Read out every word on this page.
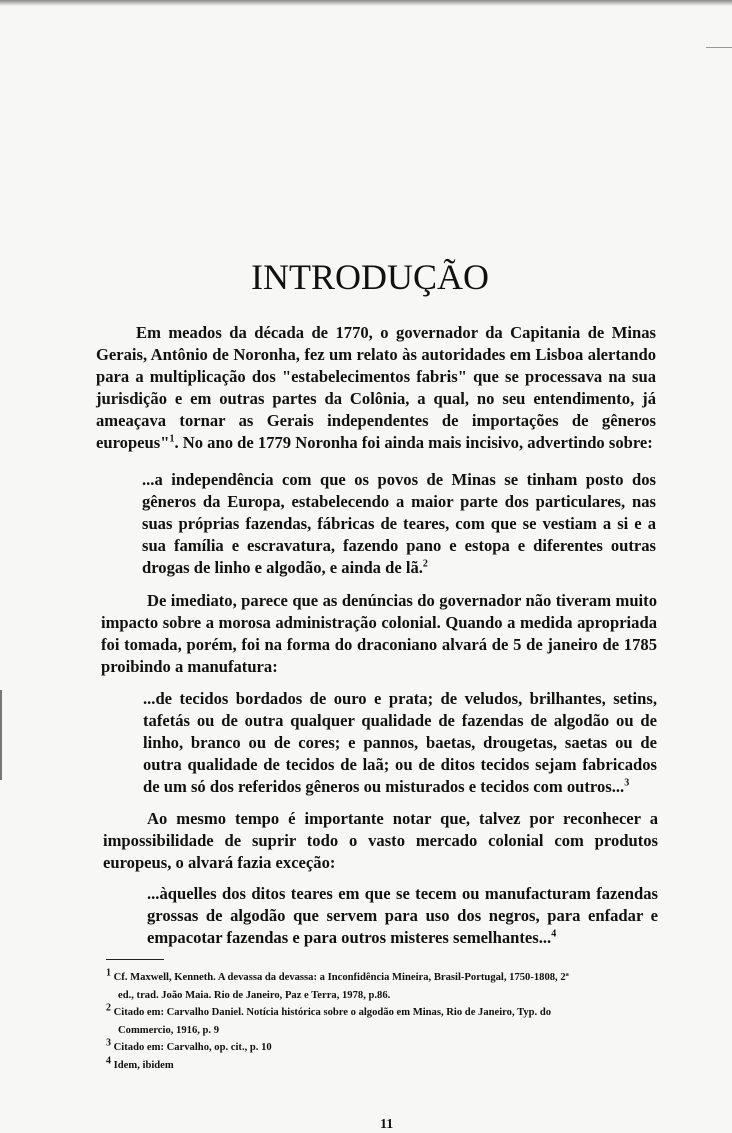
INTRODUÇÃO
Em meados da década de 1770, o governador da Capitania de Minas Gerais, Antônio de Noronha, fez um relato às autoridades em Lisboa alertando para a multiplicação dos "estabelecimentos fabris" que se processava na sua jurisdição e em outras partes da Colônia, a qual, no seu entendimento, já ameaçava tornar as Gerais independentes de importações de gêneros europeus"$^1$. No ano de 1779 Noronha foi ainda mais incisivo, advertindo sobre:
...a independência com que os povos de Minas se tinham posto dos gêneros da Europa, estabelecendo a maior parte dos particulares, nas suas próprias fazendas, fábricas de teares, com que se vestiam a si e a sua família e escravatura, fazendo pano e estopa e diferentes outras drogas de linho e algodão, e ainda de lã.$^2$
De imediato, parece que as denúncias do governador não tiveram muito impacto sobre a morosa administração colonial. Quando a medida apropriada foi tomada, porém, foi na forma do draconiano alvará de 5 de janeiro de 1785 proibindo a manufatura:
...de tecidos bordados de ouro e prata; de veludos, brilhantes, setins, tafetás ou de outra qualquer qualidade de fazendas de algodão ou de linho, branco ou de cores; e pannos, baetas, drougetas, saetas ou de outra qualidade de tecidos de laã; ou de ditos tecidos sejam fabricados de um só dos referidos gêneros ou misturados e tecidos com outros...$^3$
Ao mesmo tempo é importante notar que, talvez por reconhecer a impossibilidade de suprir todo o vasto mercado colonial com produtos europeus, o alvará fazia exceção:
...àquelles dos ditos teares em que se tecem ou manufacturam fazendas grossas de algodão que servem para uso dos negros, para enfadar e empacotar fazendas e para outros misteres semelhantes...$^4$

$^1$ Cf. Maxwell, Kenneth. A devassa da devassa: a Inconfidência Mineira, Brasil-Portugal, 1750-1808, 2ª
ed., trad. João Maia. Rio de Janeiro, Paz e Terra, 1978, p.86.

$^2$ Citado em: Carvalho Daniel. Notícia histórica sobre o algodão em Minas, Rio de Janeiro, Typ. do
Commercio, 1916, p. 9

$^3$ Citado em: Carvalho, op. cit., p. 10

$^4$ Idem, ibidem

11
